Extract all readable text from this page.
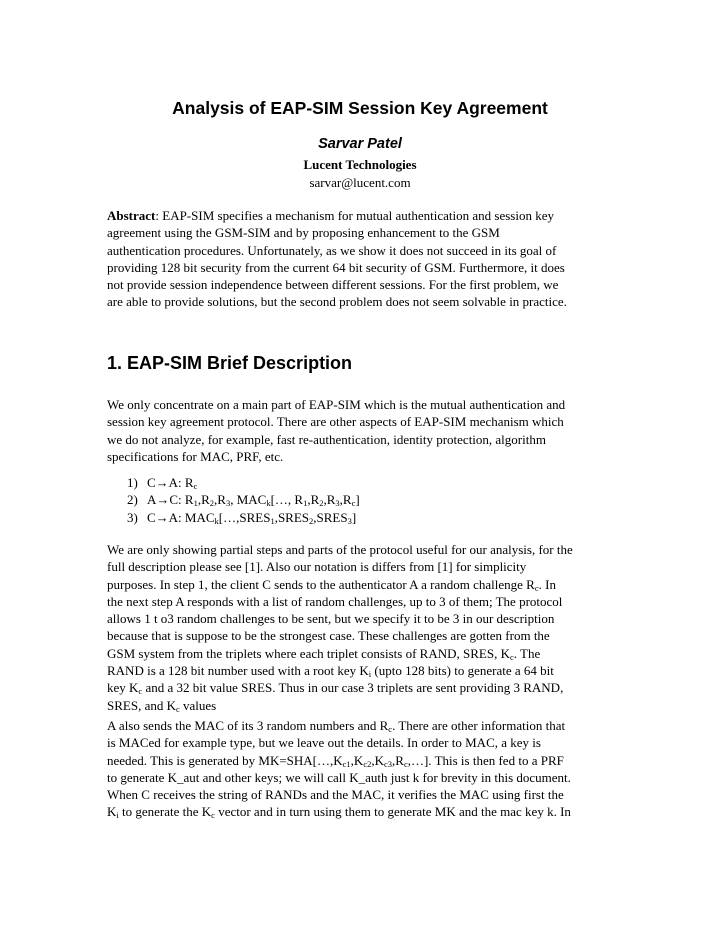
Analysis of EAP-SIM Session Key Agreement
Sarvar Patel
Lucent Technologies
sarvar@lucent.com
Abstract: EAP-SIM specifies a mechanism for mutual authentication and session key
agreement using the GSM-SIM and by proposing enhancement to the GSM
authentication procedures. Unfortunately, as we show it does not succeed in its goal of
providing 128 bit security from the current 64 bit security of GSM. Furthermore, it does
not provide session independence between different sessions. For the first problem, we
are able to provide solutions, but the second problem does not seem solvable in practice.
1. EAP-SIM Brief Description
We only concentrate on a main part of EAP-SIM which is the mutual authentication and
session key agreement protocol. There are other aspects of EAP-SIM mechanism which
we do not analyze, for example, fast re-authentication, identity protection, algorithm
specifications for MAC, PRF, etc.
1) C→A: $R_c$
2) A→C: $R_1,R_2,R_3$, $MAC_k[\dots$, $R_1,R_2,R_3,R_c$]
3) C→A: $MAC_k[\dots,SRES_1,SRES_2,SRES_3]$
We are only showing partial steps and parts of the protocol useful for our analysis, for the
full description please see [1]. Also our notation is differs from [1] for simplicity
purposes. In step 1, the client C sends to the authenticator A a random challenge $R_c$. In
the next step A responds with a list of random challenges, up to 3 of them; The protocol
allows 1 t o3 random challenges to be sent, but we specify it to be 3 in our description
because that is suppose to be the strongest case. These challenges are gotten from the
GSM system from the triplets where each triplet consists of RAND, SRES, $K_c$. The
RAND is a 128 bit number used with a root key $K_i$ (upto 128 bits) to generate a 64 bit
key $K_c$ and a 32 bit value SRES. Thus in our case 3 triplets are sent providing 3 RAND,
SRES, and $K_c$ values
A also sends the MAC of its 3 random numbers and $R_c$. There are other information that
is MACed for example type, but we leave out the details. In order to MAC, a key is
needed. This is generated by $MK=SHA[\dots,K_{c1},K_{c2},K_{c3},R_c,\dots]$. This is then fed to a PRF
to generate K_aut and other keys; we will call K_auth just k for brevity in this document.
When C receives the string of RANDs and the MAC, it verifies the MAC using first the
$K_i$ to generate the $K_c$ vector and in turn using them to generate MK and the mac key k. In
